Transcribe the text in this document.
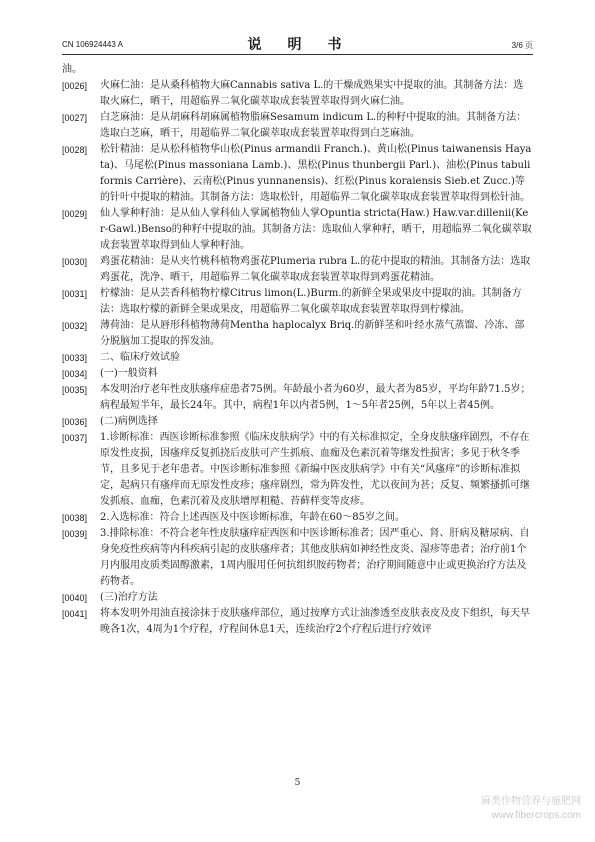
CN 106924443 A	说　明　书	3/6 页

油。

[0026] 火麻仁油：是从桑科植物大麻Cannabis sativa L.的干燥成熟果实中提取的油。其制备方法：选取火麻仁，晒干，用超临界二氧化碳萃取成套装置萃取得到火麻仁油。
[0027] 白芝麻油：是从胡麻科胡麻属植物脂麻Sesamum indicum L.的种籽中提取的油。其制备方法：选取白芝麻，晒干，用超临界二氧化碳萃取成套装置萃取得到白芝麻油。
[0028] 松针精油：是从松科植物华山松(Pinus armandii Franch.)、黄山松(Pinus taiwanensis Hayata)、马尾松(Pinus massoniana Lamb.)、黑松(Pinus thunbergii Parl.)、油松(Pinus tabuliformis Carrière)、云南松(Pinus yunnanensis)、红松(Pinus koraiensis Sieb.et Zucc.)等的针叶中提取的精油。其制备方法：选取松针，用超临界二氧化碳萃取成套装置萃取得到松针油。
[0029] 仙人掌种籽油：是从仙人掌科仙人掌属植物仙人掌Opuntia stricta(Haw.) Haw.var.dillenii(Ker-Gawl.)Benso的种籽中提取的油。其制备方法：选取仙人掌种籽，晒干，用超临界二氧化碳萃取成套装置萃取得到仙人掌种籽油。
[0030] 鸡蛋花精油：是从夹竹桃科植物鸡蛋花Plumeria rubra L.的花中提取的精油。其制备方法：选取鸡蛋花，洗净、晒干，用超临界二氧化碳萃取成套装置萃取得到鸡蛋花精油。
[0031] 柠檬油：是从芸香科植物柠檬Citrus limon(L.)Burm.的新鲜全果或果皮中提取的油。其制备方法：选取柠檬的新鲜全果或果皮，用超临界二氧化碳萃取成套装置萃取得到柠檬油。
[0032] 薄荷油：是从唇形科植物薄荷Mentha haplocalyx Briq.的新鲜茎和叶经水蒸气蒸馏、冷冻、部分脱脑加工提取的挥发油。
[0033] 二、临床疗效试验
[0034] (一)一般资料
[0035] 本发明治疗老年性皮肤瘙痒症患者75例。年龄最小者为60岁，最大者为85岁，平均年龄71.5岁；病程最短半年，最长24年。其中，病程1年以内者5例，1～5年者25例，5年以上者45例。
[0036] (二)病例选择
[0037] 1.诊断标准：西医诊断标准参照《临床皮肤病学》中的有关标准拟定，全身皮肤瘙痒剧烈，不存在原发性皮损，因瘙痒反复抓挠后皮肤可产生抓痕、血痂及色素沉着等继发性损害；多见于秋冬季节，且多见于老年患者。中医诊断标准参照《新编中医皮肤病学》中有关“风瘙痒”的诊断标准拟定，起病只有瘙痒而无原发性皮疹；瘙痒剧烈，常为阵发性，尤以夜间为甚；反复、频繁搔抓可继发抓痕、血痂，色素沉着及皮肤增厚粗糙、苔藓样变等皮疹。
[0038] 2.入选标准：符合上述西医及中医诊断标准，年龄在60～85岁之间。
[0039] 3.排除标准：不符合老年性皮肤瘙痒症西医和中医诊断标准者；因严重心、肾、肝病及糖尿病、自身免疫性疾病等内科疾病引起的皮肤瘙痒者；其他皮肤病如神经性皮炎、湿疹等患者；治疗前1个月内服用皮质类固醇激素，1周内服用任何抗组织胺药物者；治疗期间随意中止或更换治疗方法及药物者。
[0040] (三)治疗方法
[0041] 将本发明外用油直接涂抹于皮肤瘙痒部位，通过按摩方式让油渗透至皮肤表皮及皮下组织，每天早晚各1次，4周为1个疗程，疗程间休息1天，连续治疗2个疗程后进行疗效评
5
麻类作物营养与施肥网
www.fibercrops.com
